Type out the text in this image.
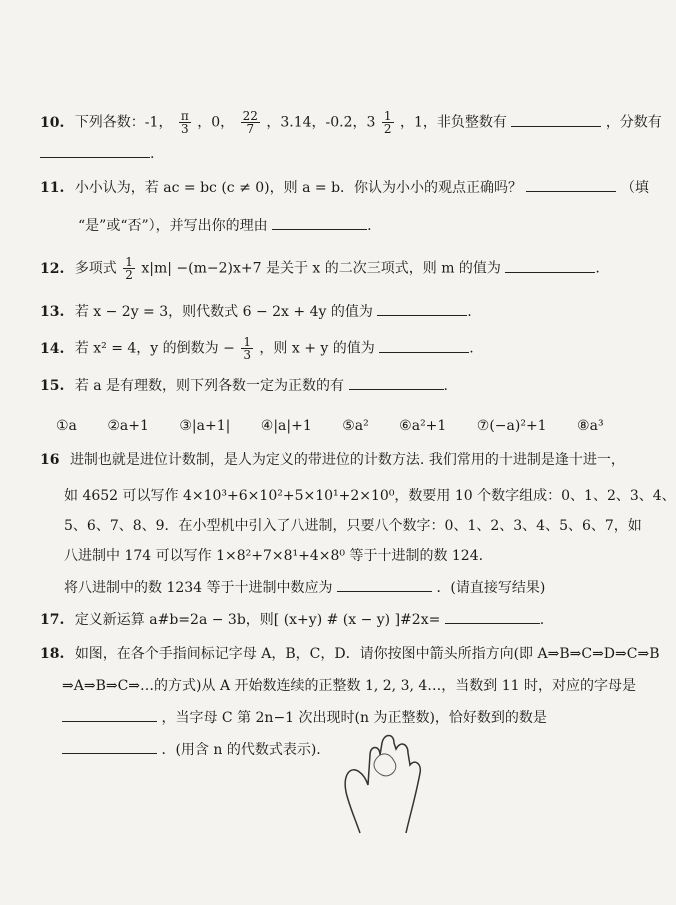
10. 下列各数：-1， $\frac{\pi}{3}$ ，0， $\frac{22}{7}$ ，3.14，-0.2̇，$3 \frac{1}{2}$ ，1，非负整数有	，分数有
.
11. 小小认为，若 ac = bc (c ≠ 0)，则 a = b．你认为小小的观点正确吗？	（填
“是”或“否”），并写出你的理由	.
12. 多项式 $\frac{1}{2} x|m| -(m-2)x+7$ 是关于 x 的二次三项式，则 m 的值为	.
13. 若 x − 2y = 3，则代数式 6 − 2x + 4y 的值为	.
14. 若 x² = 4，y 的倒数为 − $\frac{1}{3}$ ，则 x + y 的值为	.
15. 若 a 是有理数，则下列各数一定为正数的有	.
①a ②a+1 ③|a+1| ④|a|+1 ⑤a² ⑥a²+1 ⑦(−a)²+1 ⑧a³
16 进制也就是进位计数制，是人为定义的带进位的计数方法. 我们常用的十进制是逢十进一，
如 4652 可以写作 4×10³+6×10²+5×10¹+2×10⁰，数要用 10 个数字组成：0、1、2、3、4、
5、6、7、8、9．在小型机中引入了八进制，只要八个数字：0、1、2、3、4、5、6、7，如
八进制中 174 可以写作 1×8²+7×8¹+4×8⁰ 等于十进制的数 124.
将八进制中的数 1234 等于十进制中数应为	．(请直接写结果)
17. 定义新运算 a#b=2a − 3b，则[ (x+y) # (x − y) ]#2x=	.
18. 如图，在各个手指间标记字母 A，B，C，D．请你按图中箭头所指方向(即 A⇒B⇒C⇒D⇒C⇒B
⇒A⇒B⇒C⇒…的方式)从 A 开始数连续的正整数 1, 2, 3, 4…，当数到 11 时，对应的字母是
，当字母 C 第 2n−1 次出现时(n 为正整数)，恰好数到的数是
．(用含 n 的代数式表示).
